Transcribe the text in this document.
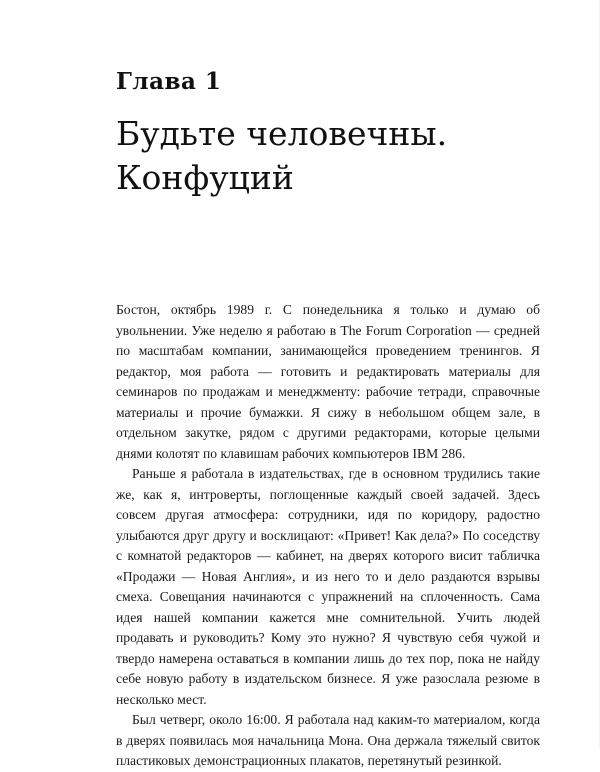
Глава 1
Будьте человечны.
Конфуций

Бостон, октябрь 1989 г. С понедельника я только и думаю об увольнении. Уже неделю я работаю в The Forum Corporation — средней по масштабам компании, занимающейся проведением тренингов. Я редактор, моя работа — готовить и редактировать материалы для семинаров по продажам и менеджменту: рабочие тетради, справочные материалы и прочие бумажки. Я сижу в небольшом общем зале, в отдельном закутке, рядом с другими редакторами, которые целыми днями колотят по клавишам рабочих компьютеров IBM 286.

Раньше я работала в издательствах, где в основном трудились такие же, как я, интроверты, поглощенные каждый своей задачей. Здесь совсем другая атмосфера: сотрудники, идя по коридору, радостно улыбаются друг другу и восклицают: «Привет! Как дела?» По соседству с комнатой редакторов — кабинет, на дверях которого висит табличка «Продажи — Новая Англия», и из него то и дело раздаются взрывы смеха. Совещания начинаются с упражнений на сплоченность. Сама идея нашей компании кажется мне сомнительной. Учить людей продавать и руководить? Кому это нужно? Я чувствую себя чужой и твердо намерена оставаться в компании лишь до тех пор, пока не найду себе новую работу в издательском бизнесе. Я уже разослала резюме в несколько мест.

Был четверг, около 16:00. Я работала над каким-то материалом, когда в дверях появилась моя начальница Мона. Она держала тяжелый свиток пластиковых демонстрационных плакатов, перетянутый резинкой.
